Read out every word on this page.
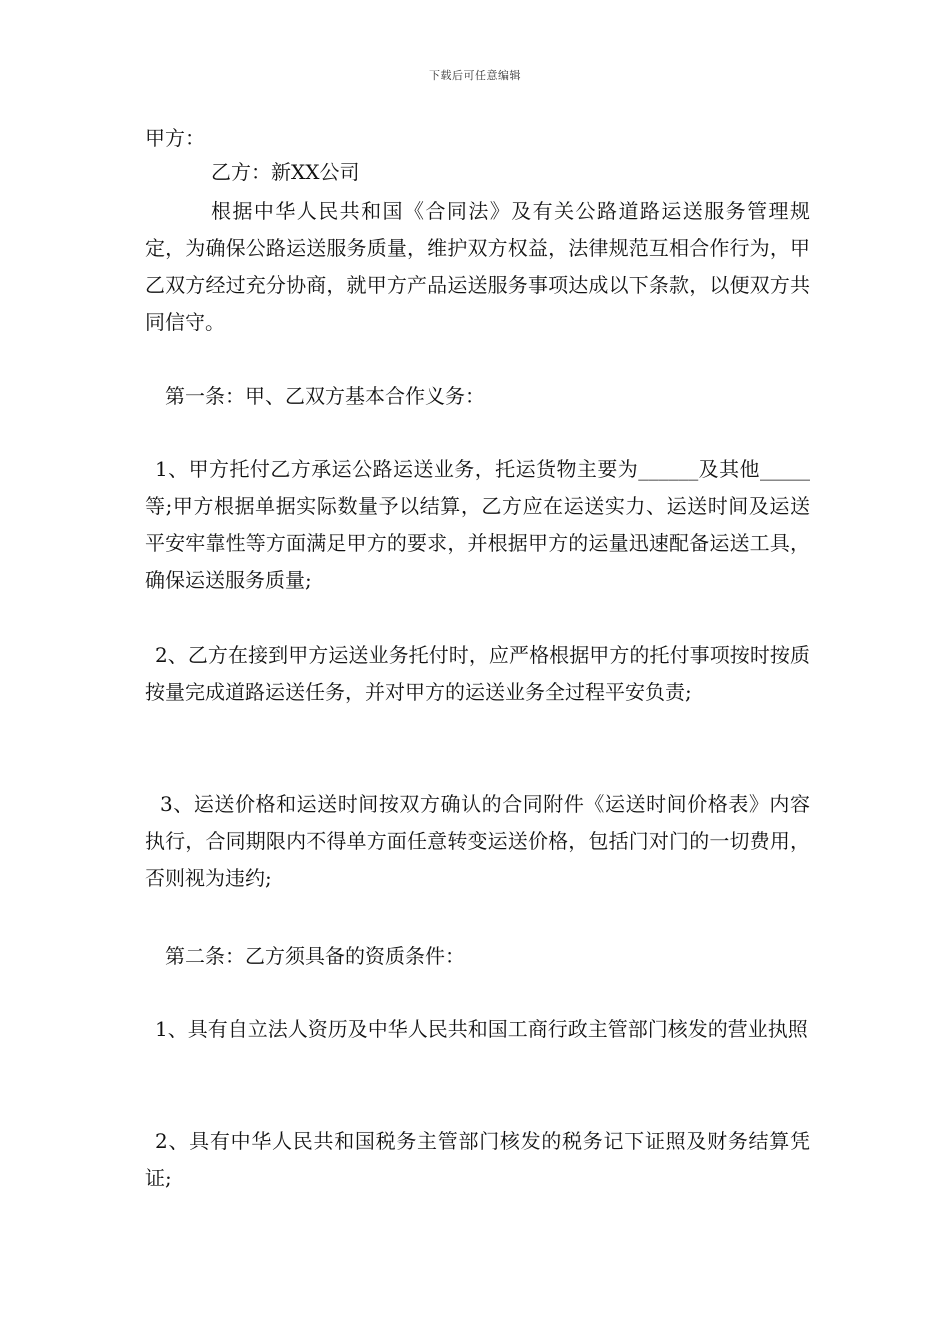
下载后可任意编辑
甲方：
乙方：新XX公司
根据中华人民共和国《合同法》及有关公路道路运送服务管理规定，为确保公路运送服务质量，维护双方权益，法律规范互相合作行为，甲乙双方经过充分协商，就甲方产品运送服务事项达成以下条款，以便双方共同信守。
第一条：甲、乙双方基本合作义务：
1、甲方托付乙方承运公路运送业务，托运货物主要为______及其他_____等;甲方根据单据实际数量予以结算，乙方应在运送实力、运送时间及运送平安牢靠性等方面满足甲方的要求，并根据甲方的运量迅速配备运送工具，确保运送服务质量;
2、乙方在接到甲方运送业务托付时，应严格根据甲方的托付事项按时按质按量完成道路运送任务，并对甲方的运送业务全过程平安负责;
3、运送价格和运送时间按双方确认的合同附件《运送时间价格表》内容执行，合同期限内不得单方面任意转变运送价格，包括门对门的一切费用，否则视为违约;
第二条：乙方须具备的资质条件：
1、具有自立法人资历及中华人民共和国工商行政主管部门核发的营业执照
2、具有中华人民共和国税务主管部门核发的税务记下证照及财务结算凭证;
